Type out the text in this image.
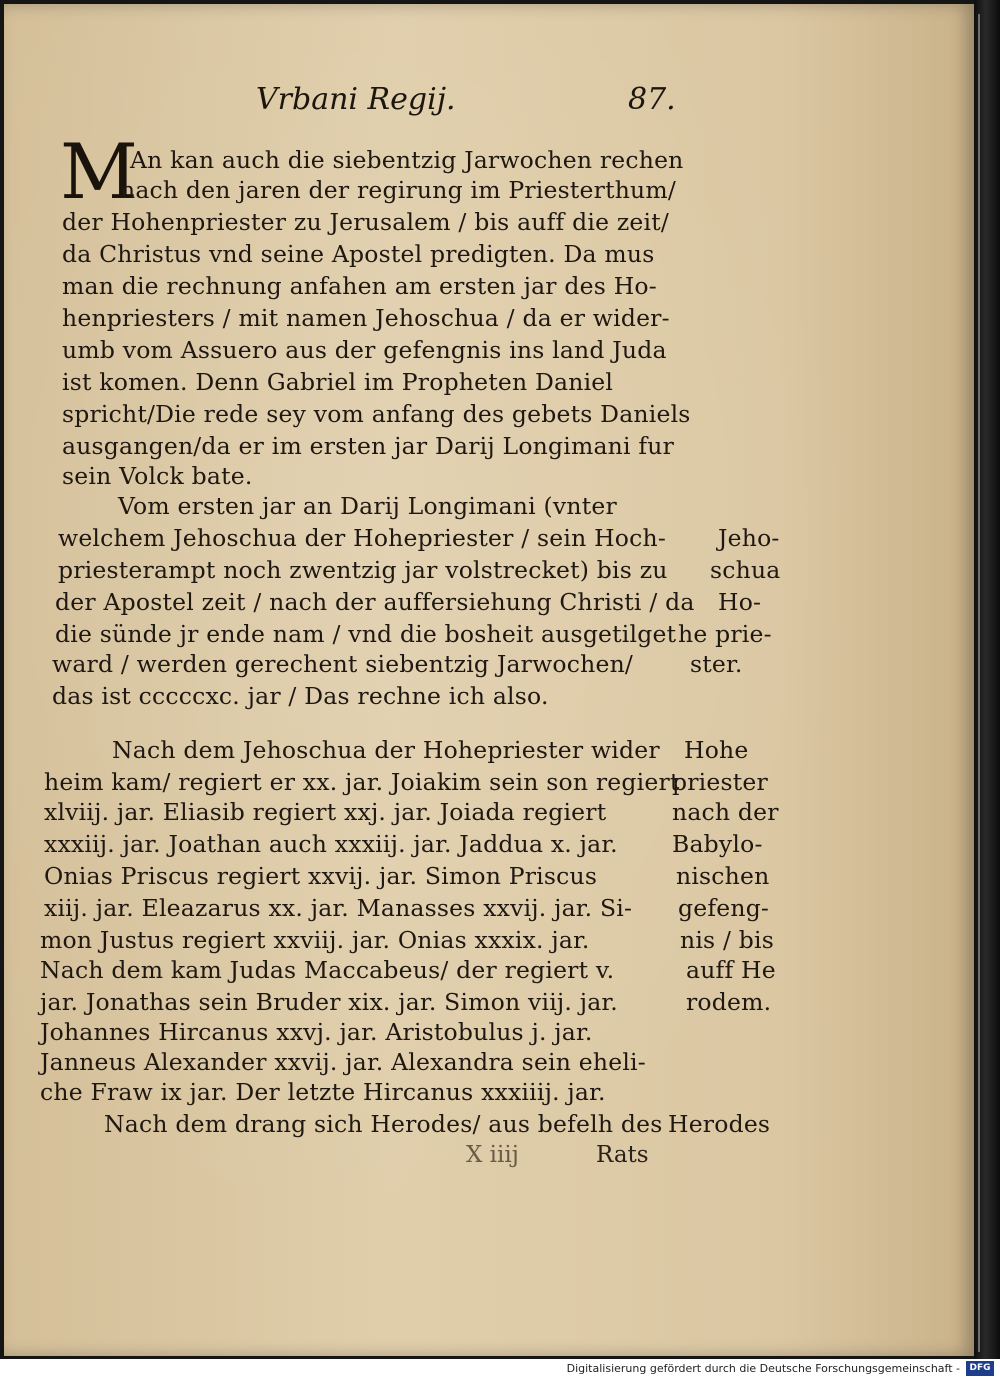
Vrbani Regij.	87.
M
An kan auch die siebentzig Jarwochen rechen
nach den jaren der regirung im Priesterthum/
der Hohenpriester zu Jerusalem / bis auff die zeit/
da Christus vnd seine Apostel predigten. Da mus
man die rechnung anfahen am ersten jar des Ho-
henpriesters / mit namen Jehoschua / da er wider-
umb vom Assuero aus der gefengnis ins land Juda
ist komen. Denn Gabriel im Propheten Daniel
spricht/Die rede sey vom anfang des gebets Daniels
ausgangen/da er im ersten jar Darij Longimani fur
sein Volck bate.
Vom ersten jar an Darij Longimani (vnter
welchem Jehoschua der Hohepriester / sein Hoch-
priesterampt noch zwentzig jar volstrecket) bis zu
der Apostel zeit / nach der auffersiehung Christi / da
die sünde jr ende nam / vnd die bosheit ausgetilget
ward / werden gerechent siebentzig Jarwochen/
das ist cccccxc. jar / Das rechne ich also.
Nach dem Jehoschua der Hohepriester wider
heim kam/ regiert er xx. jar. Joiakim sein son regiert
xlviij. jar. Eliasib regiert xxj. jar. Joiada regiert
xxxiij. jar. Joathan auch xxxiij. jar. Jaddua x. jar.
Onias Priscus regiert xxvij. jar. Simon Priscus
xiij. jar. Eleazarus xx. jar. Manasses xxvij. jar. Si-
mon Justus regiert xxviij. jar. Onias xxxix. jar.
Nach dem kam Judas Maccabeus/ der regiert v.
jar. Jonathas sein Bruder xix. jar. Simon viij. jar.
Johannes Hircanus xxvj. jar. Aristobulus j. jar.
Janneus Alexander xxvij. jar. Alexandra sein eheli-
che Fraw ix jar. Der letzte Hircanus xxxiiij. jar.
Nach dem drang sich Herodes/ aus befelh des
Jeho-
schua
Ho-
he prie-
ster.
Hohe
priester
nach der
Babylo-
nischen
gefeng-
nis / bis
auff He
rodem.
Herodes
X iiij	Rats
Digitalisierung gefördert durch die Deutsche Forschungsgemeinschaft -	DFG
